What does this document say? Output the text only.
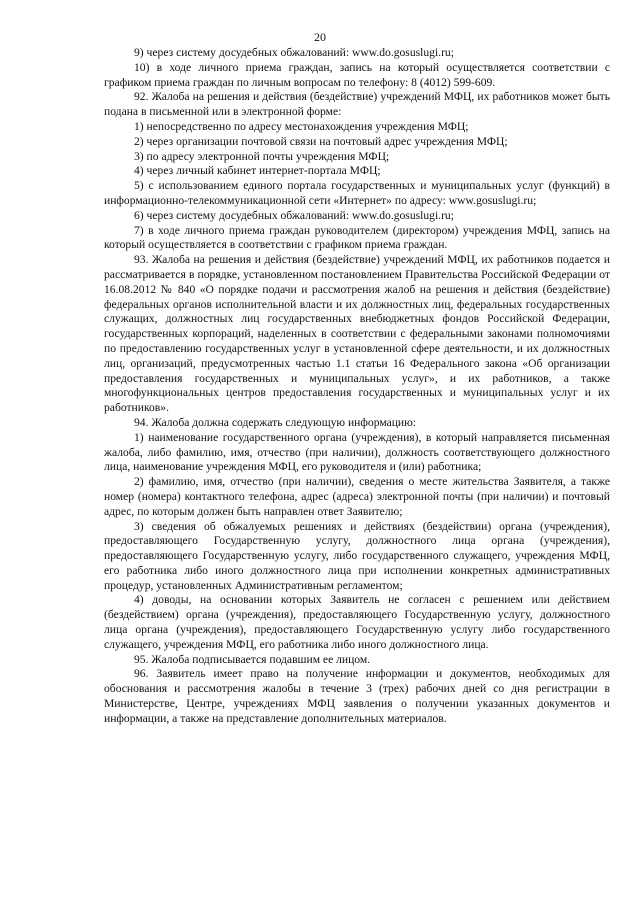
20

9) через систему досудебных обжалований: www.do.gosuslugi.ru;

10) в ходе личного приема граждан, запись на который осуществляется соответствии с графиком приема граждан по личным вопросам по телефону: 8 (4012) 599-609.

92. Жалоба на решения и действия (бездействие) учреждений МФЦ, их работников может быть подана в письменной или в электронной форме:

1) непосредственно по адресу местонахождения учреждения МФЦ;

2) через организации почтовой связи на почтовый адрес учреждения МФЦ;

3) по адресу электронной почты учреждения МФЦ;

4) через личный кабинет интернет-портала МФЦ;

5) с использованием единого портала государственных и муниципальных услуг (функций) в информационно-телекоммуникационной сети «Интернет» по адресу: www.gosuslugi.ru;

6) через систему досудебных обжалований: www.do.gosuslugi.ru;

7) в ходе личного приема граждан руководителем (директором) учреждения МФЦ, запись на который осуществляется в соответствии с графиком приема граждан.

93. Жалоба на решения и действия (бездействие) учреждений МФЦ, их работников подается и рассматривается в порядке, установленном постановлением Правительства Российской Федерации от 16.08.2012 № 840 «О порядке подачи и рассмотрения жалоб на решения и действия (бездействие) федеральных органов исполнительной власти и их должностных лиц, федеральных государственных служащих, должностных лиц государственных внебюджетных фондов Российской Федерации, государственных корпораций, наделенных в соответствии с федеральными законами полномочиями по предоставлению государственных услуг в установленной сфере деятельности, и их должностных лиц, организаций, предусмотренных частью 1.1 статьи 16 Федерального закона «Об организации предоставления государственных и муниципальных услуг», и их работников, а также многофункциональных центров предоставления государственных и муниципальных услуг и их работников».

94. Жалоба должна содержать следующую информацию:

1) наименование государственного органа (учреждения), в который направляется письменная жалоба, либо фамилию, имя, отчество (при наличии), должность соответствующего должностного лица, наименование учреждения МФЦ, его руководителя и (или) работника;

2) фамилию, имя, отчество (при наличии), сведения о месте жительства Заявителя, а также номер (номера) контактного телефона, адрес (адреса) электронной почты (при наличии) и почтовый адрес, по которым должен быть направлен ответ Заявителю;

3) сведения об обжалуемых решениях и действиях (бездействии) органа (учреждения), предоставляющего Государственную услугу, должностного лица органа (учреждения), предоставляющего Государственную услугу, либо государственного служащего, учреждения МФЦ, его работника либо иного должностного лица при исполнении конкретных административных процедур, установленных Административным регламентом;

4) доводы, на основании которых Заявитель не согласен с решением или действием (бездействием) органа (учреждения), предоставляющего Государственную услугу, должностного лица органа (учреждения), предоставляющего Государственную услугу либо государственного служащего, учреждения МФЦ, его работника либо иного должностного лица.

95. Жалоба подписывается подавшим ее лицом.

96. Заявитель имеет право на получение информации и документов, необходимых для обоснования и рассмотрения жалобы в течение 3 (трех) рабочих дней со дня регистрации в Министерстве, Центре, учреждениях МФЦ заявления о получении указанных документов и информации, а также на представление дополнительных материалов.
